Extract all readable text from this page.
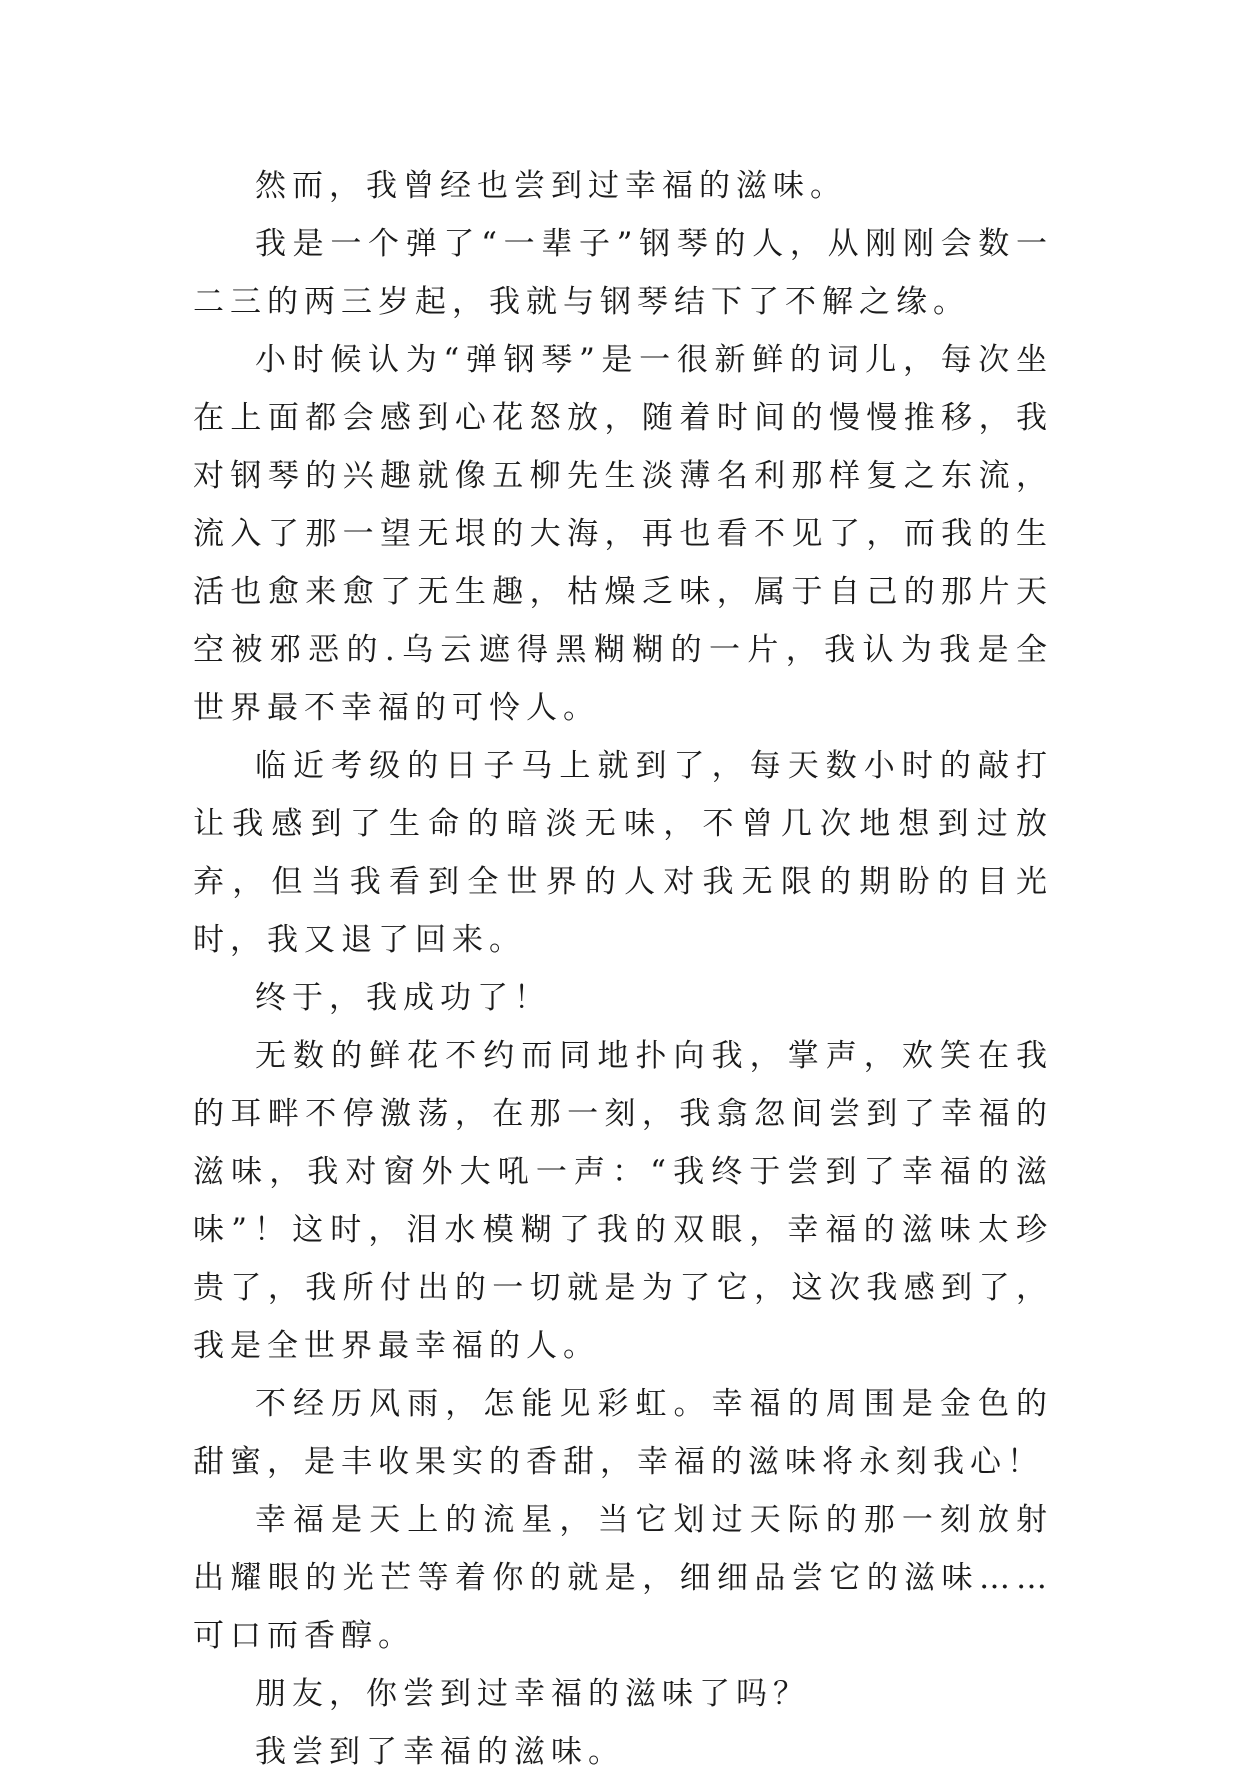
然而，我曾经也尝到过幸福的滋味。

我是一个弹了“一辈子”钢琴的人，从刚刚会数一二三的两三岁起，我就与钢琴结下了不解之缘。

小时候认为“弹钢琴”是一很新鲜的词儿，每次坐在上面都会感到心花怒放，随着时间的慢慢推移，我对钢琴的兴趣就像五柳先生淡薄名利那样复之东流，流入了那一望无垠的大海，再也看不见了，而我的生活也愈来愈了无生趣，枯燥乏味，属于自己的那片天空被邪恶的.乌云遮得黑糊糊的一片，我认为我是全世界最不幸福的可怜人。

临近考级的日子马上就到了，每天数小时的敲打让我感到了生命的暗淡无味，不曾几次地想到过放弃，但当我看到全世界的人对我无限的期盼的目光时，我又退了回来。

终于，我成功了！

无数的鲜花不约而同地扑向我，掌声，欢笑在我的耳畔不停激荡，在那一刻，我翕忽间尝到了幸福的滋味，我对窗外大吼一声：“我终于尝到了幸福的滋味”！这时，泪水模糊了我的双眼，幸福的滋味太珍贵了，我所付出的一切就是为了它，这次我感到了，我是全世界最幸福的人。

不经历风雨，怎能见彩虹。幸福的周围是金色的甜蜜，是丰收果实的香甜，幸福的滋味将永刻我心！

幸福是天上的流星，当它划过天际的那一刻放射出耀眼的光芒等着你的就是，细细品尝它的滋味……可口而香醇。

朋友，你尝到过幸福的滋味了吗？

我尝到了幸福的滋味。
